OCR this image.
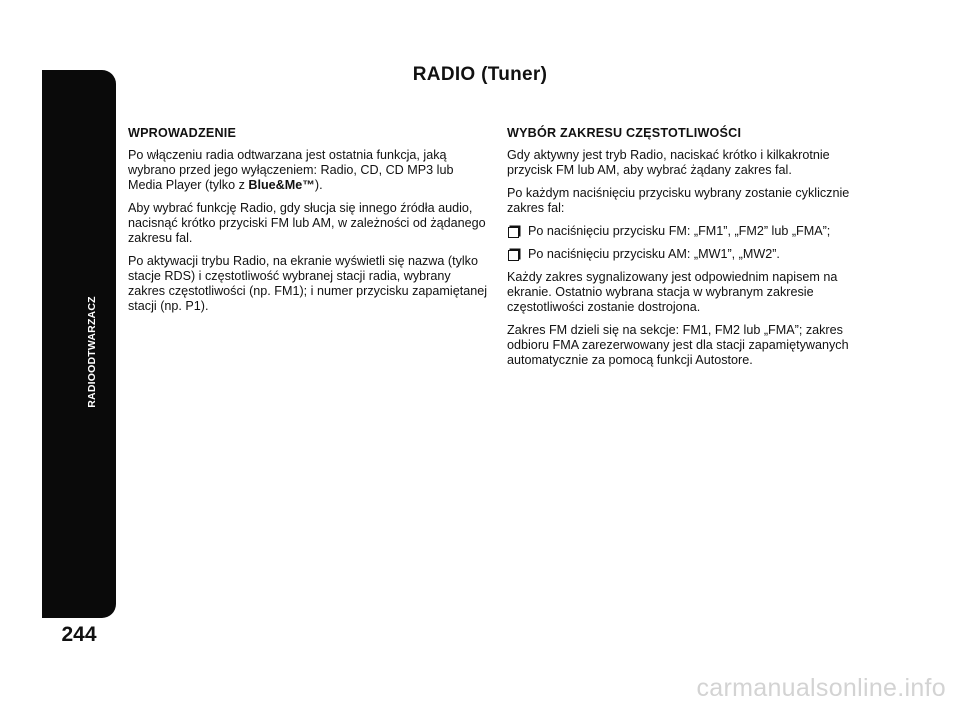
RADIOODTWARZACZ
244
RADIO (Tuner)
WPROWADZENIE

Po włączeniu radia odtwarzana jest ostatnia funkcja, jaką wybrano przed jego wyłączeniem: Radio, CD, CD MP3 lub Media Player (tylko z Blue&Me™).

Aby wybrać funkcję Radio, gdy słucja się innego źródła audio, nacisnąć krótko przyciski FM lub AM, w zależności od żądanego zakresu fal.

Po aktywacji trybu Radio, na ekranie wyświetli się nazwa (tylko stacje RDS) i częstotliwość wybranej stacji radia, wybrany zakres częstotliwości (np. FM1); i numer przycisku zapamiętanej stacji (np. P1).

WYBÓR ZAKRESU CZĘSTOTLIWOŚCI

Gdy aktywny jest tryb Radio, naciskać krótko i kilkakrotnie przycisk FM lub AM, aby wybrać żądany zakres fal.

Po każdym naciśnięciu przycisku wybrany zostanie cyklicznie zakres fal:

Po naciśnięciu przycisku FM: „FM1”, „FM2” lub „FMA”;
Po naciśnięciu przycisku AM: „MW1”, „MW2”.

Każdy zakres sygnalizowany jest odpowiednim napisem na ekranie. Ostatnio wybrana stacja w wybranym zakresie częstotliwości zostanie dostrojona.

Zakres FM dzieli się na sekcje: FM1, FM2 lub „FMA”; zakres odbioru FMA zarezerwowany jest dla stacji zapamiętywanych automatycznie za pomocą funkcji Autostore.

carmanualsonline.info
